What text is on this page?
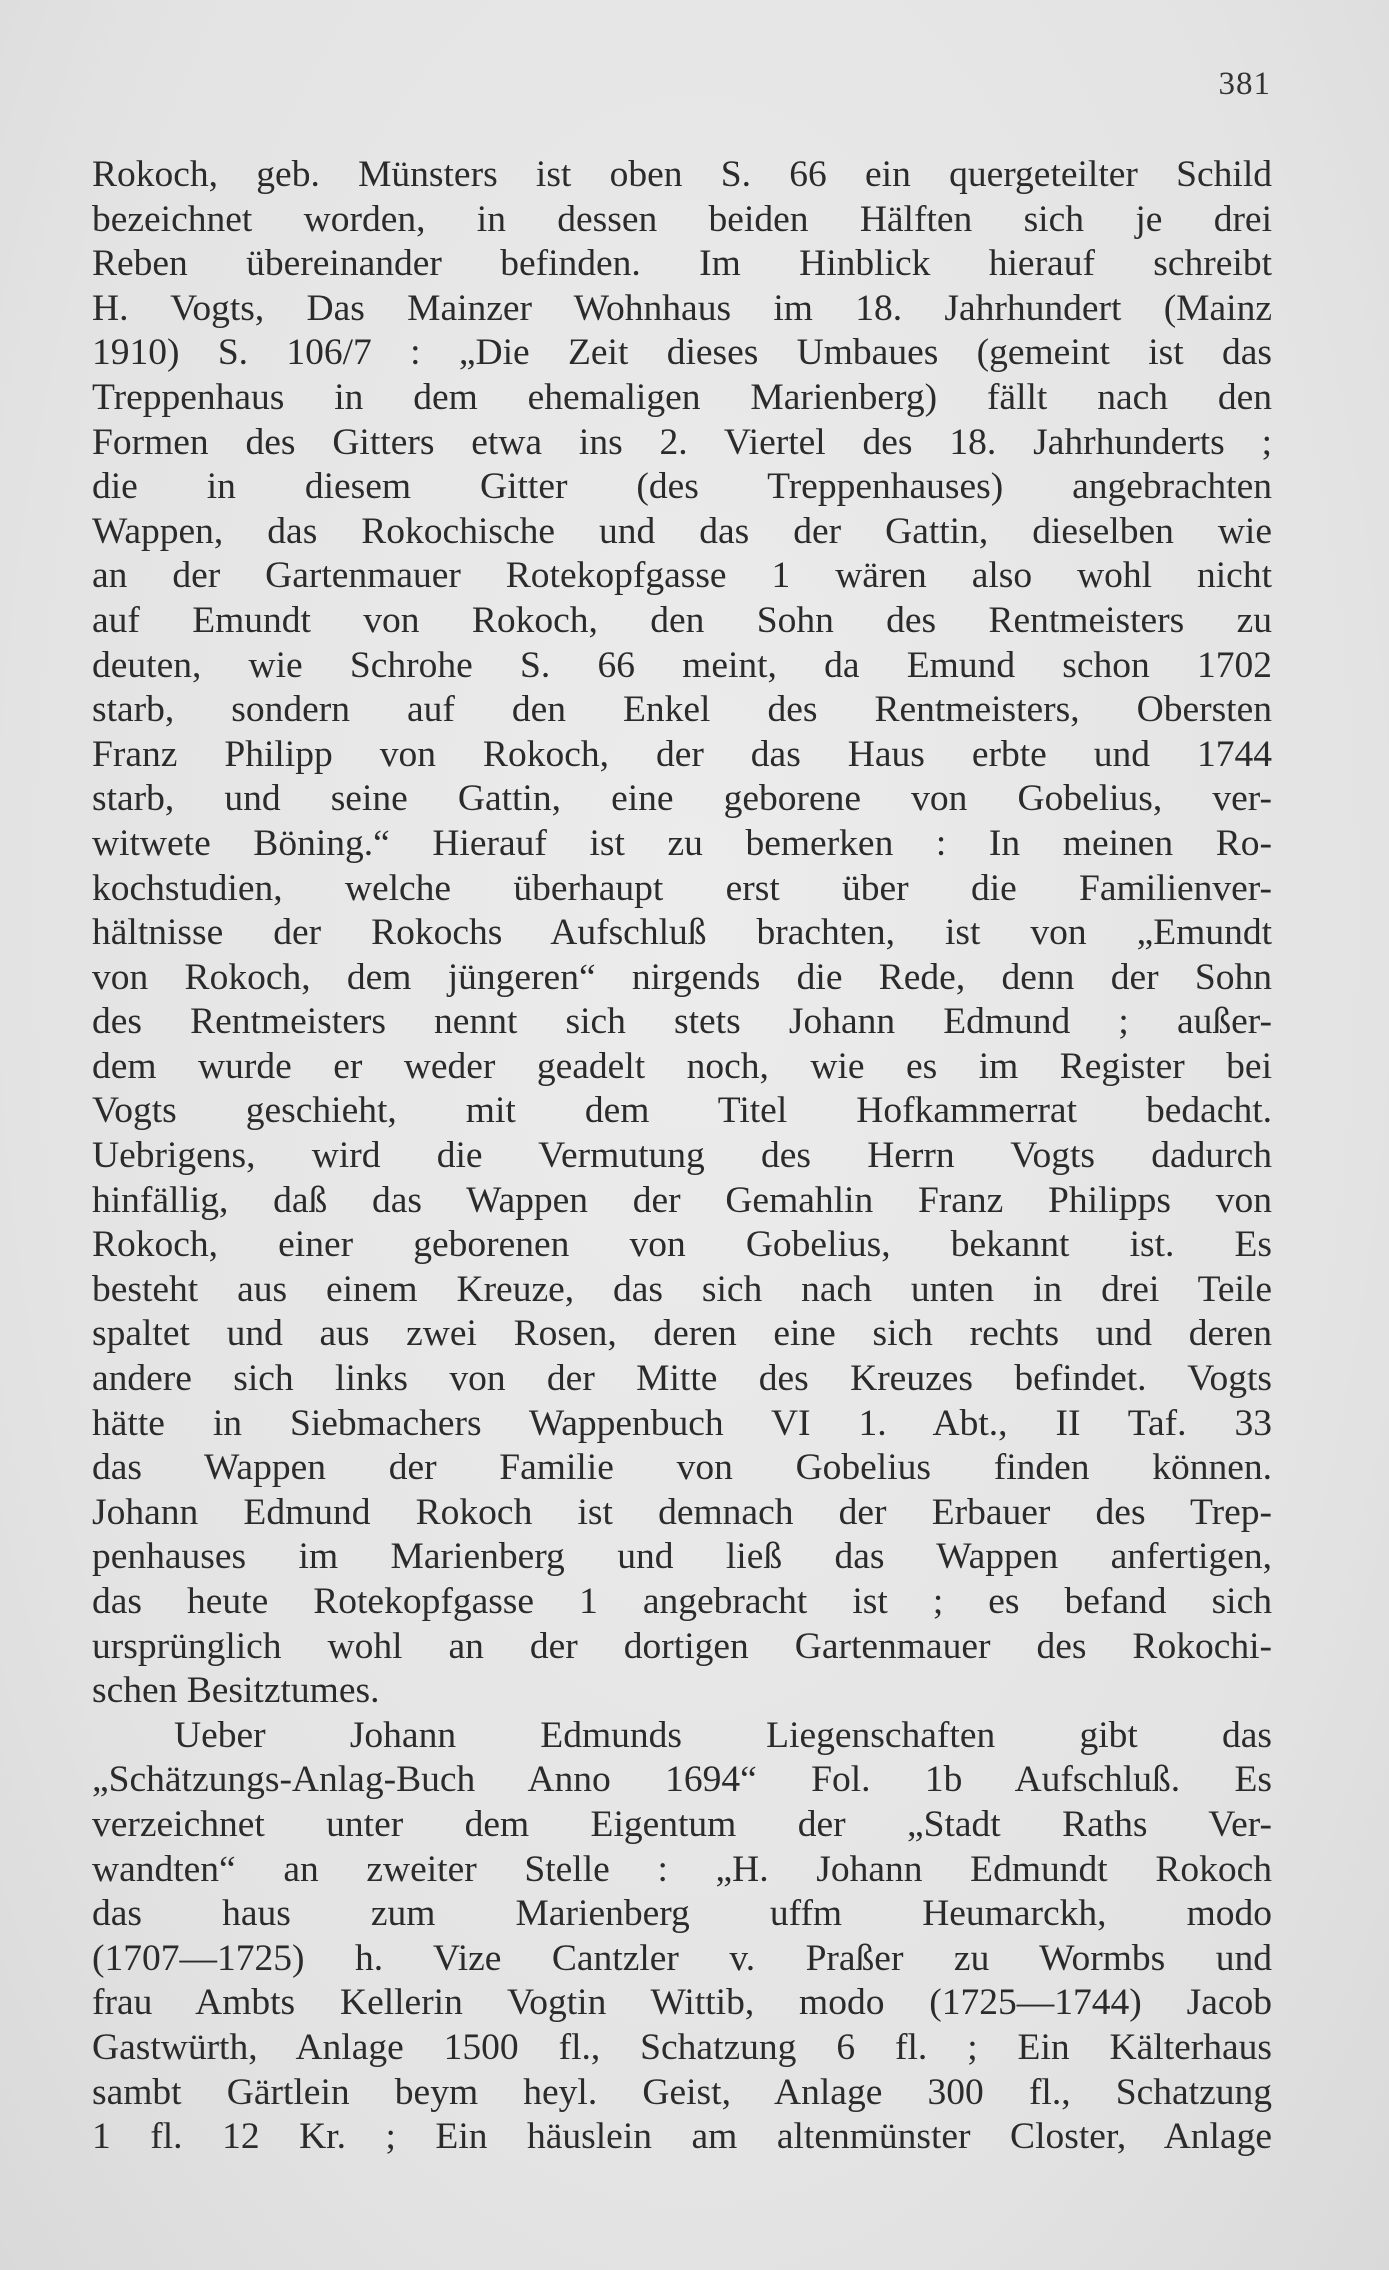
381
Rokoch, geb. Münsters ist oben S. 66 ein quergeteilter Schild
bezeichnet worden, in dessen beiden Hälften sich je drei
Reben übereinander befinden. Im Hinblick hierauf schreibt
H. Vogts, Das Mainzer Wohnhaus im 18. Jahrhundert (Mainz
1910) S. 106/7 : „Die Zeit dieses Umbaues (gemeint ist das
Treppenhaus in dem ehemaligen Marienberg) fällt nach den
Formen des Gitters etwa ins 2. Viertel des 18. Jahrhunderts ;
die in diesem Gitter (des Treppenhauses) angebrachten
Wappen, das Rokochische und das der Gattin, dieselben wie
an der Gartenmauer Rotekopfgasse 1 wären also wohl nicht
auf Emundt von Rokoch, den Sohn des Rentmeisters zu
deuten, wie Schrohe S. 66 meint, da Emund schon 1702
starb, sondern auf den Enkel des Rentmeisters, Obersten
Franz Philipp von Rokoch, der das Haus erbte und 1744
starb, und seine Gattin, eine geborene von Gobelius, ver-
witwete Böning.“ Hierauf ist zu bemerken : In meinen Ro-
kochstudien, welche überhaupt erst über die Familienver-
hältnisse der Rokochs Aufschluß brachten, ist von „Emundt
von Rokoch, dem jüngeren“ nirgends die Rede, denn der Sohn
des Rentmeisters nennt sich stets Johann Edmund ; außer-
dem wurde er weder geadelt noch, wie es im Register bei
Vogts geschieht, mit dem Titel Hofkammerrat bedacht.
Uebrigens, wird die Vermutung des Herrn Vogts dadurch
hinfällig, daß das Wappen der Gemahlin Franz Philipps von
Rokoch, einer geborenen von Gobelius, bekannt ist. Es
besteht aus einem Kreuze, das sich nach unten in drei Teile
spaltet und aus zwei Rosen, deren eine sich rechts und deren
andere sich links von der Mitte des Kreuzes befindet. Vogts
hätte in Siebmachers Wappenbuch VI 1. Abt., II Taf. 33
das Wappen der Familie von Gobelius finden können.
Johann Edmund Rokoch ist demnach der Erbauer des Trep-
penhauses im Marienberg und ließ das Wappen anfertigen,
das heute Rotekopfgasse 1 angebracht ist ; es befand sich
ursprünglich wohl an der dortigen Gartenmauer des Rokochi-
schen Besitztumes.
Ueber Johann Edmunds Liegenschaften gibt das
„Schätzungs-Anlag-Buch Anno 1694“ Fol. 1b Aufschluß. Es
verzeichnet unter dem Eigentum der „Stadt Raths Ver-
wandten“ an zweiter Stelle : „H. Johann Edmundt Rokoch
das haus zum Marienberg uffm Heumarckh, modo
(1707—1725) h. Vize Cantzler v. Praßer zu Wormbs und
frau Ambts Kellerin Vogtin Wittib, modo (1725—1744) Jacob
Gastwürth, Anlage 1500 fl., Schatzung 6 fl. ; Ein Kälterhaus
sambt Gärtlein beym heyl. Geist, Anlage 300 fl., Schatzung
1 fl. 12 Kr. ; Ein häuslein am altenmünster Closter, Anlage
